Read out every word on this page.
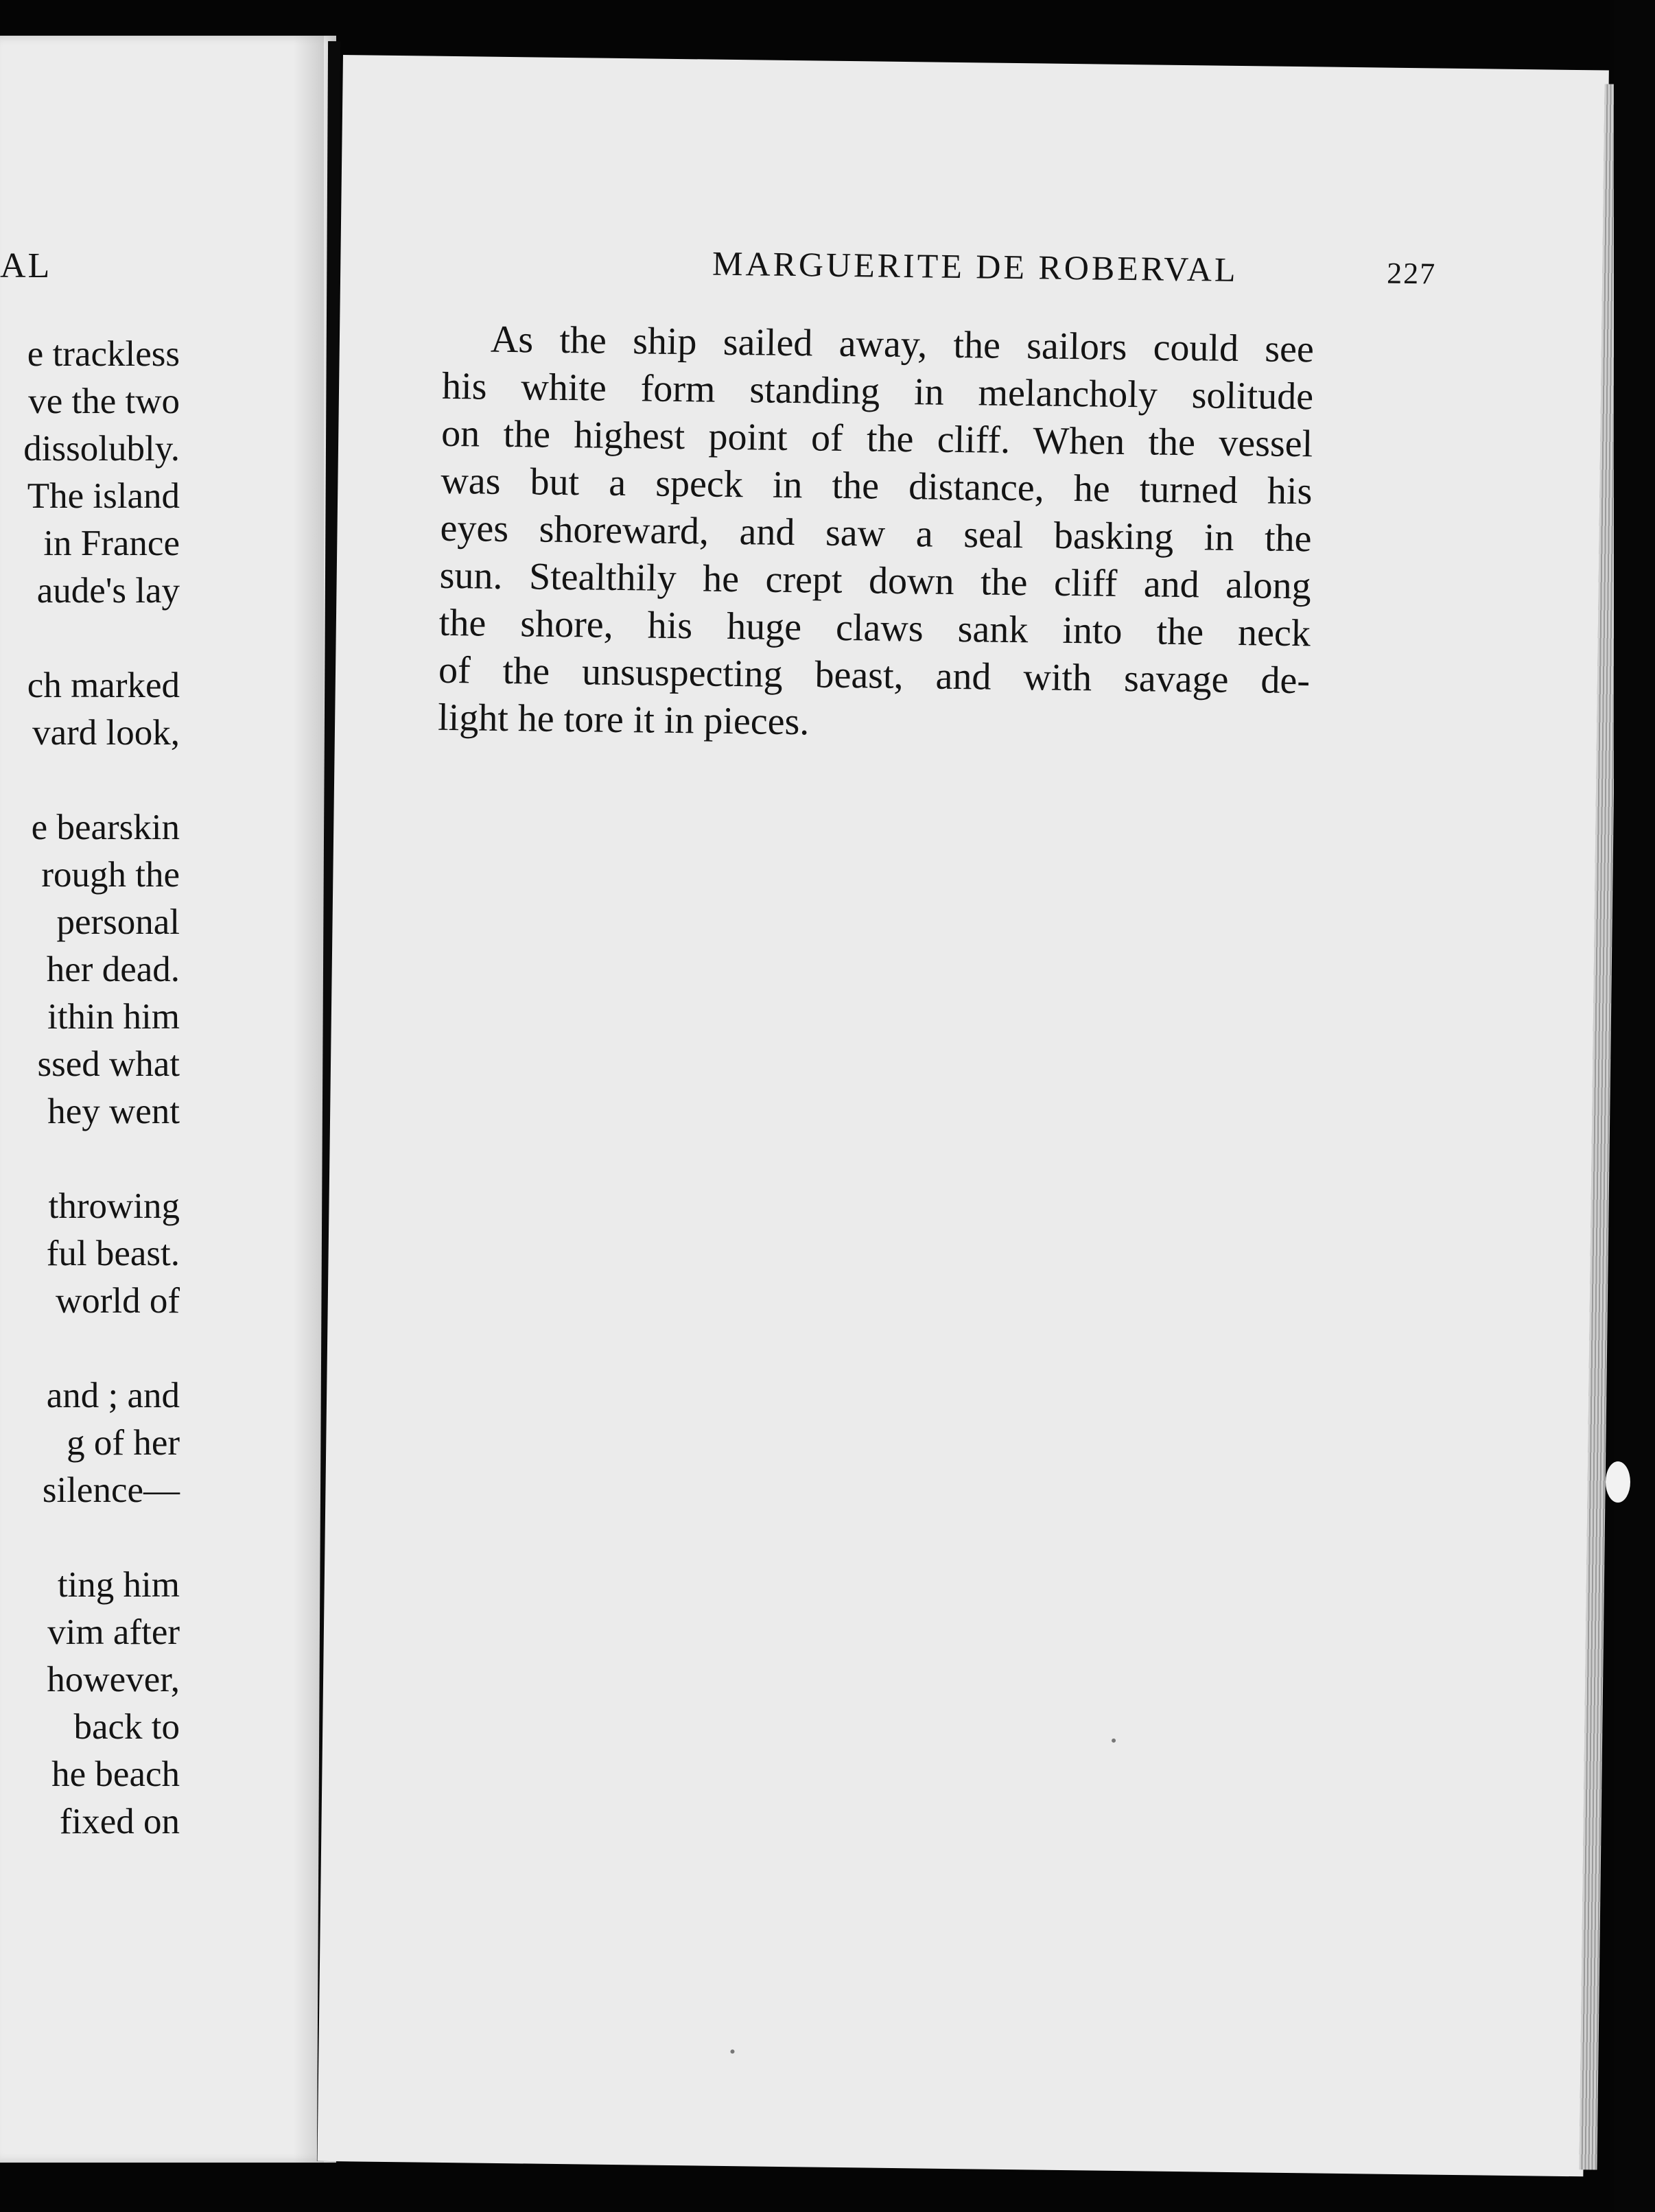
AL
e trackless
ve the two
dissolubly.
The island
in France
aude's lay
ch marked
vard look,
e bearskin
rough the
personal
her dead.
ithin him
ssed what
hey went
throwing
ful beast.
world of
and ; and
g of her
silence—
ting him
vim after
however,
back to
he beach
fixed on
MARGUERITE DE ROBERVAL	227
As the ship sailed away, the sailors could see
his white form standing in melancholy solitude
on the highest point of the cliff. When the vessel
was but a speck in the distance, he turned his
eyes shoreward, and saw a seal basking in the
sun. Stealthily he crept down the cliff and along
the shore, his huge claws sank into the neck
of the unsuspecting beast, and with savage de-
light he tore it in pieces.
